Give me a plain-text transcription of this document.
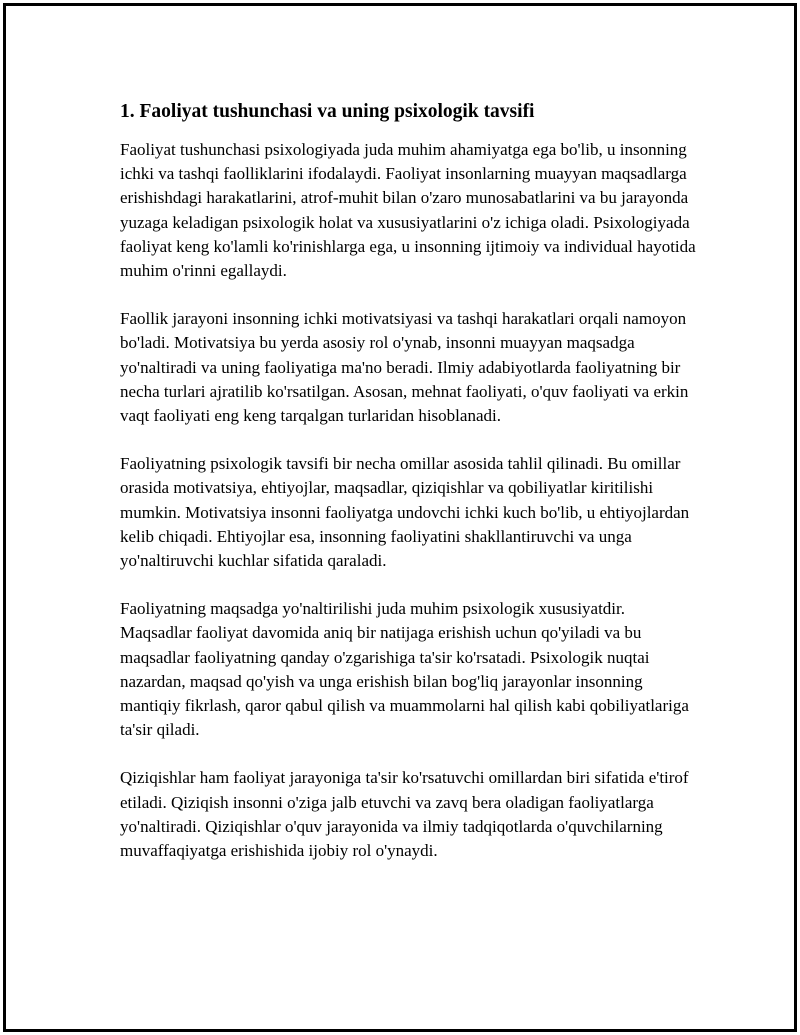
1. Faoliyat tushunchasi va uning psixologik tavsifi

Faoliyat tushunchasi psixologiyada juda muhim ahamiyatga ega bo'lib, u insonning ichki va tashqi faolliklarini ifodalaydi. Faoliyat insonlarning muayyan maqsadlarga erishishdagi harakatlarini, atrof-muhit bilan o'zaro munosabatlarini va bu jarayonda yuzaga keladigan psixologik holat va xususiyatlarini o'z ichiga oladi. Psixologiyada faoliyat keng ko'lamli ko'rinishlarga ega, u insonning ijtimoiy va individual hayotida muhim o'rinni egallaydi.

Faollik jarayoni insonning ichki motivatsiyasi va tashqi harakatlari orqali namoyon bo'ladi. Motivatsiya bu yerda asosiy rol o'ynab, insonni muayyan maqsadga yo'naltiradi va uning faoliyatiga ma'no beradi. Ilmiy adabiyotlarda faoliyatning bir necha turlari ajratilib ko'rsatilgan. Asosan, mehnat faoliyati, o'quv faoliyati va erkin vaqt faoliyati eng keng tarqalgan turlaridan hisoblanadi.

Faoliyatning psixologik tavsifi bir necha omillar asosida tahlil qilinadi. Bu omillar orasida motivatsiya, ehtiyojlar, maqsadlar, qiziqishlar va qobiliyatlar kiritilishi mumkin. Motivatsiya insonni faoliyatga undovchi ichki kuch bo'lib, u ehtiyojlardan kelib chiqadi. Ehtiyojlar esa, insonning faoliyatini shakllantiruvchi va unga yo'naltiruvchi kuchlar sifatida qaraladi.

Faoliyatning maqsadga yo'naltirilishi juda muhim psixologik xususiyatdir. Maqsadlar faoliyat davomida aniq bir natijaga erishish uchun qo'yiladi va bu maqsadlar faoliyatning qanday o'zgarishiga ta'sir ko'rsatadi. Psixologik nuqtai nazardan, maqsad qo'yish va unga erishish bilan bog'liq jarayonlar insonning mantiqiy fikrlash, qaror qabul qilish va muammolarni hal qilish kabi qobiliyatlariga ta'sir qiladi.

Qiziqishlar ham faoliyat jarayoniga ta'sir ko'rsatuvchi omillardan biri sifatida e'tirof etiladi. Qiziqish insonni o'ziga jalb etuvchi va zavq bera oladigan faoliyatlarga yo'naltiradi. Qiziqishlar o'quv jarayonida va ilmiy tadqiqotlarda o'quvchilarning muvaffaqiyatga erishishida ijobiy rol o'ynaydi.
